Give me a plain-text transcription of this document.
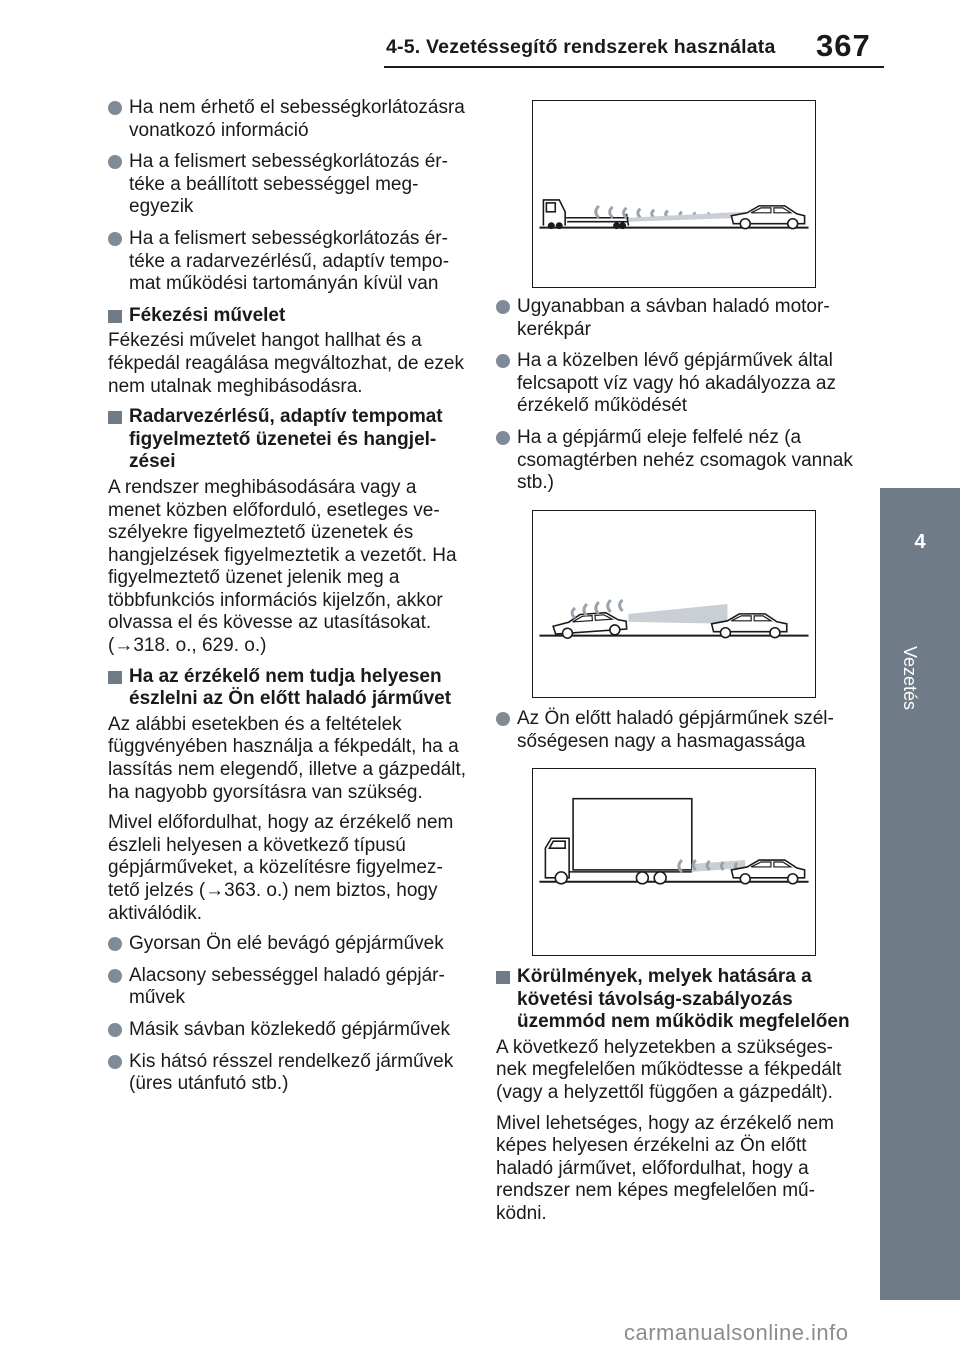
4-5. Vezetéssegítő rendszerek használata 367
4
Vezetés
Ha nem érhető el sebességkorlátozásra vonatkozó információ
Ha a felismert sebességkorlátozás értéke a beállított sebességgel megegyezik
Ha a felismert sebességkorlátozás értéke a radarvezérlésű, adaptív tempomat működési tartományán kívül van
Fékezési művelet
Fékezési művelet hangot hallhat és a fékpedál reagálása megváltozhat, de ezek nem utalnak meghibásodásra.
Radarvezérlésű, adaptív tempomat figyelmeztető üzenetei és hangjelzései
A rendszer meghibásodására vagy a menet közben előforduló, esetleges veszélyekre figyelmeztető üzenetek és hangjelzések figyelmeztetik a vezetőt. Ha figyelmeztető üzenet jelenik meg a többfunkciós információs kijelzőn, akkor olvassa el és kövesse az utasításokat. (→318. o., 629. o.)
Ha az érzékelő nem tudja helyesen észlelni az Ön előtt haladó járművet
Az alábbi esetekben és a feltételek függvényében használja a fékpedált, ha a lassítás nem elegendő, illetve a gázpedált, ha nagyobb gyorsításra van szükség.
Mivel előfordulhat, hogy az érzékelő nem észleli helyesen a következő típusú gépjárműveket, a közelítésre figyelmeztető jelzés (→363. o.) nem biztos, hogy aktiválódik.
Gyorsan Ön elé bevágó gépjárművek
Alacsony sebességgel haladó gépjárművek
Másik sávban közlekedő gépjárművek
Kis hátsó résszel rendelkező járművek (üres utánfutó stb.)
Ugyanabban a sávban haladó motorkerékpár
Ha a közelben lévő gépjárművek által felcsapott víz vagy hó akadályozza az érzékelő működését
Ha a gépjármű eleje felfelé néz (a csomagtérben nehéz csomagok vannak stb.)
Az Ön előtt haladó gépjárműnek szélsőségesen nagy a hasmagassága
Körülmények, melyek hatására a követési távolság-szabályozás üzemmód nem működik megfelelően
A következő helyzetekben a szükségesnek megfelelően működtesse a fékpedált (vagy a helyzettől függően a gázpedált).
Mivel lehetséges, hogy az érzékelő nem képes helyesen érzékelni az Ön előtt haladó járművet, előfordulhat, hogy a rendszer nem képes megfelelően működni.
carmanualsonline.info
